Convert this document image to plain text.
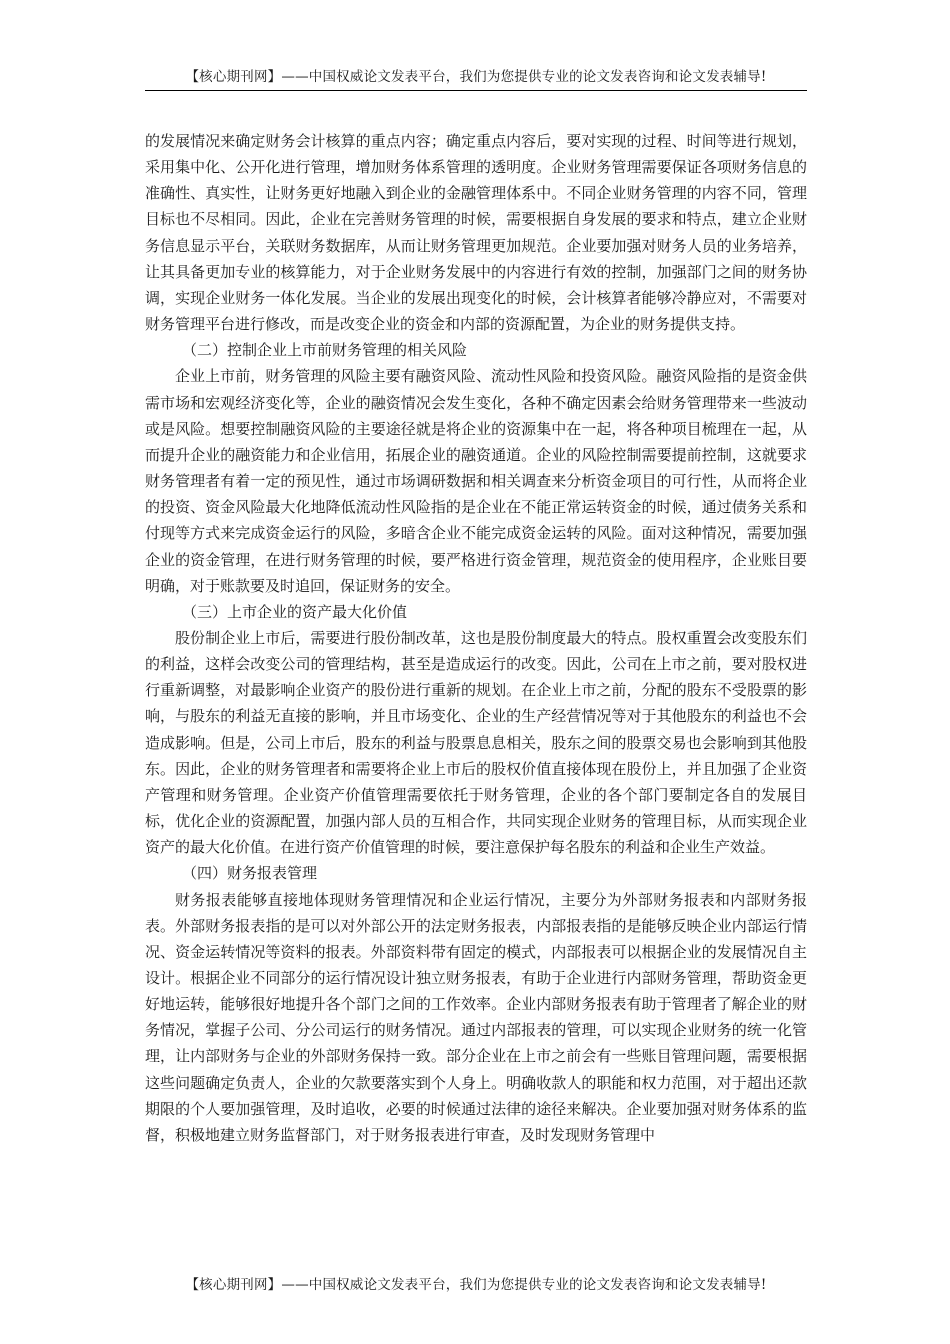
【核心期刊网】——中国权威论文发表平台，我们为您提供专业的论文发表咨询和论文发表辅导!

的发展情况来确定财务会计核算的重点内容；确定重点内容后，要对实现的过程、时间等进行规划，采用集中化、公开化进行管理，增加财务体系管理的透明度。企业财务管理需要保证各项财务信息的准确性、真实性，让财务更好地融入到企业的金融管理体系中。不同企业财务管理的内容不同，管理目标也不尽相同。因此，企业在完善财务管理的时候，需要根据自身发展的要求和特点，建立企业财务信息显示平台，关联财务数据库，从而让财务管理更加规范。企业要加强对财务人员的业务培养，让其具备更加专业的核算能力，对于企业财务发展中的内容进行有效的控制，加强部门之间的财务协调，实现企业财务一体化发展。当企业的发展出现变化的时候，会计核算者能够冷静应对，不需要对财务管理平台进行修改，而是改变企业的资金和内部的资源配置，为企业的财务提供支持。

（二）控制企业上市前财务管理的相关风险

企业上市前，财务管理的风险主要有融资风险、流动性风险和投资风险。融资风险指的是资金供需市场和宏观经济变化等，企业的融资情况会发生变化，各种不确定因素会给财务管理带来一些波动或是风险。想要控制融资风险的主要途径就是将企业的资源集中在一起，将各种项目梳理在一起，从而提升企业的融资能力和企业信用，拓展企业的融资通道。企业的风险控制需要提前控制，这就要求财务管理者有着一定的预见性，通过市场调研数据和相关调查来分析资金项目的可行性，从而将企业的投资、资金风险最大化地降低流动性风险指的是企业在不能正常运转资金的时候，通过债务关系和付现等方式来完成资金运行的风险，多暗含企业不能完成资金运转的风险。面对这种情况，需要加强企业的资金管理，在进行财务管理的时候，要严格进行资金管理，规范资金的使用程序，企业账目要明确，对于账款要及时追回，保证财务的安全。

（三）上市企业的资产最大化价值

股份制企业上市后，需要进行股份制改革，这也是股份制度最大的特点。股权重置会改变股东们的利益，这样会改变公司的管理结构，甚至是造成运行的改变。因此，公司在上市之前，要对股权进行重新调整，对最影响企业资产的股份进行重新的规划。在企业上市之前，分配的股东不受股票的影响，与股东的利益无直接的影响，并且市场变化、企业的生产经营情况等对于其他股东的利益也不会造成影响。但是，公司上市后，股东的利益与股票息息相关，股东之间的股票交易也会影响到其他股东。因此，企业的财务管理者和需要将企业上市后的股权价值直接体现在股份上，并且加强了企业资产管理和财务管理。企业资产价值管理需要依托于财务管理，企业的各个部门要制定各自的发展目标，优化企业的资源配置，加强内部人员的互相合作，共同实现企业财务的管理目标，从而实现企业资产的最大化价值。在进行资产价值管理的时候，要注意保护每名股东的利益和企业生产效益。

（四）财务报表管理

财务报表能够直接地体现财务管理情况和企业运行情况，主要分为外部财务报表和内部财务报表。外部财务报表指的是可以对外部公开的法定财务报表，内部报表指的是能够反映企业内部运行情况、资金运转情况等资料的报表。外部资料带有固定的模式，内部报表可以根据企业的发展情况自主设计。根据企业不同部分的运行情况设计独立财务报表，有助于企业进行内部财务管理，帮助资金更好地运转，能够很好地提升各个部门之间的工作效率。企业内部财务报表有助于管理者了解企业的财务情况，掌握子公司、分公司运行的财务情况。通过内部报表的管理，可以实现企业财务的统一化管理，让内部财务与企业的外部财务保持一致。部分企业在上市之前会有一些账目管理问题，需要根据这些问题确定负责人，企业的欠款要落实到个人身上。明确收款人的职能和权力范围，对于超出还款期限的个人要加强管理，及时追收，必要的时候通过法律的途径来解决。企业要加强对财务体系的监督，积极地建立财务监督部门，对于财务报表进行审查，及时发现财务管理中

【核心期刊网】——中国权威论文发表平台，我们为您提供专业的论文发表咨询和论文发表辅导!
